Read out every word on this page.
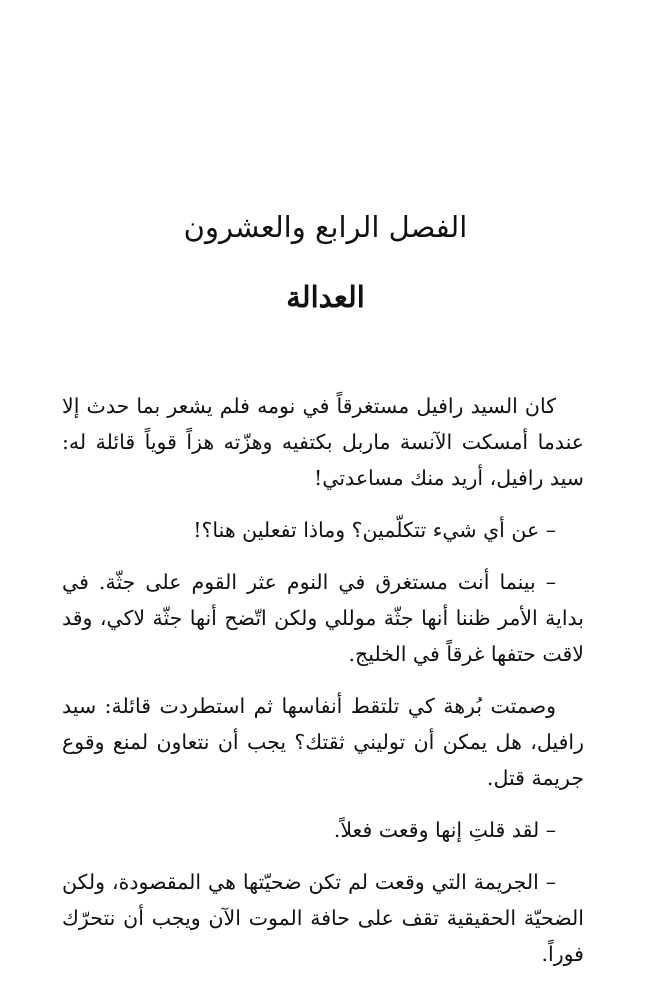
الفصل الرابع والعشرون
العدالة

كان السيد رافيل مستغرقاً في نومه فلم يشعر بما حدث إلا عندما أمسكت الآنسة ماربل بكتفيه وهزّته هزاً قوياً قائلة له: سيد رافيل، أريد منك مساعدتي!

– عن أي شيء تتكلّمين؟ وماذا تفعلين هنا؟!

– بينما أنت مستغرق في النوم عثر القوم على جثّة. في بداية الأمر ظننا أنها جثّة موللي ولكن اتّضح أنها جثّة لاكي، وقد لاقت حتفها غرقاً في الخليج.

وصمتت بُرهة كي تلتقط أنفاسها ثم استطردت قائلة: سيد رافيل، هل يمكن أن توليني ثقتك؟ يجب أن نتعاون لمنع وقوع جريمة قتل.

– لقد قلتِ إنها وقعت فعلاً.

– الجريمة التي وقعت لم تكن ضحيّتها هي المقصودة، ولكن الضحيّة الحقيقية تقف على حافة الموت الآن ويجب أن نتحرّك فوراً.
